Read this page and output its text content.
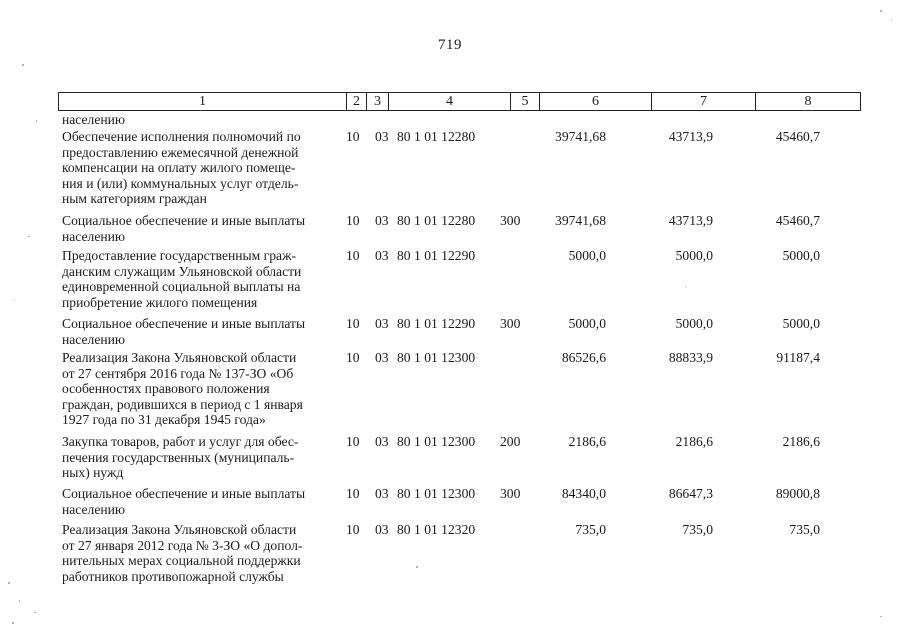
719
1	2	3	4	5	6	7	8
населению
Обеспечение исполнения полномочий по
предоставлению ежемесячной денежной
компенсации на оплату жилого помеще-
ния и (или) коммунальных услуг отдель-
ным категориям граждан
10	03 80 1 01 12280	39741,68	43713,9	45460,7
Социальное обеспечение и иные выплаты
населению
10	03 80 1 01 12280	300	39741,68	43713,9	45460,7
Предоставление государственным граж-
данским служащим Ульяновской области
единовременной социальной выплаты на
приобретение жилого помещения
10	03 80 1 01 12290	5000,0	5000,0	5000,0
Социальное обеспечение и иные выплаты
населению
10	03 80 1 01 12290	300	5000,0	5000,0	5000,0
Реализация Закона Ульяновской области
от 27 сентября 2016 года № 137-ЗО «Об
особенностях правового положения
граждан, родившихся в период с 1 января
1927 года по 31 декабря 1945 года»
10	03 80 1 01 12300	86526,6	88833,9	91187,4
Закупка товаров, работ и услуг для обес-
печения государственных (муниципаль-
ных) нужд
10	03 80 1 01 12300	200	2186,6	2186,6	2186,6
Социальное обеспечение и иные выплаты
населению
10	03 80 1 01 12300	300	84340,0	86647,3	89000,8
Реализация Закона Ульяновской области
от 27 января 2012 года № 3-ЗО «О допол-
нительных мерах социальной поддержки
работников противопожарной службы
10	03 80 1 01 12320	735,0	735,0	735,0
